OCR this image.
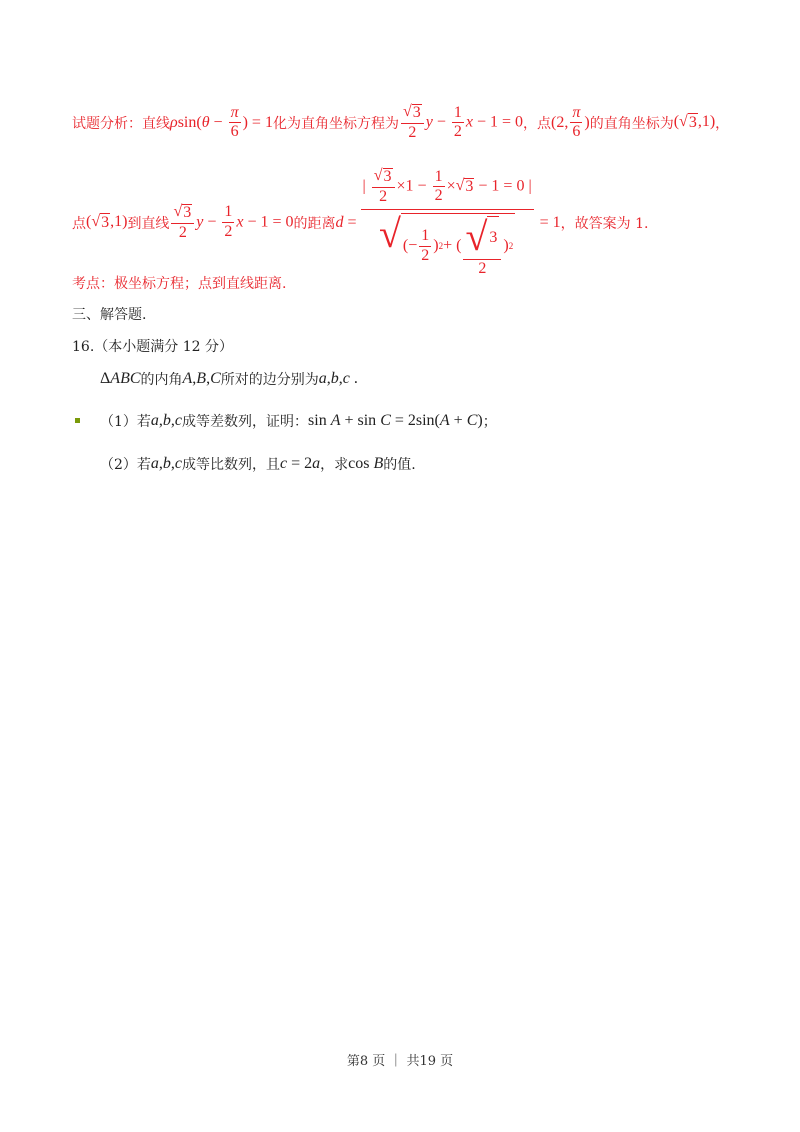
试题分析：直线 $\rho\sin(\theta - \frac{\pi}{6}$ ) = 1 化为直角坐标方程为 $\frac{√ 3}{2}$ $y - \frac{1}{2}$ x − 1 = 0 ，点 (2, $\frac{\pi}{6}$ ) 的直角坐标为 ( √ 3 ,1) ，
点 ( √ 3 ,1) 到直线 $\frac{√ 3}{2}$ $y - \frac{1}{2}$ x − 1 = 0 的距离 $d = \frac{| \frac{√ 3}{2} \times 1 - \frac{1}{2} \times √ 3 - 1 = 0 |}{√ (- \frac{1}{2} ) 2 + ( \frac{√ 3}{2} ) 2} = 1$ ，故答案为 1.
考点：极坐标方程；点到直线距离.
三、解答题.
16.（本小题满分 12 分）
ΔABC 的内角 A , B , C 所对的边分别为 a,b,c .
（1）若 a,b,c 成等差数列，证明： sin A + sin C = 2sin(A + C) ；
（2）若 a,b,c 成等比数列，且 c = 2a ，求 cos B 的值.
第8 页 ｜ 共19 页
